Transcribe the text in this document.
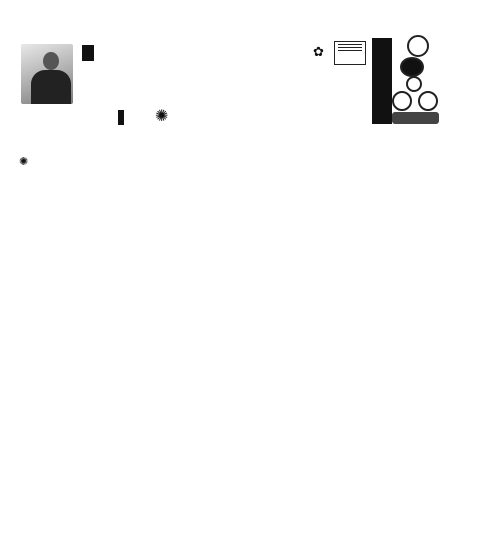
✿
✺
✺
